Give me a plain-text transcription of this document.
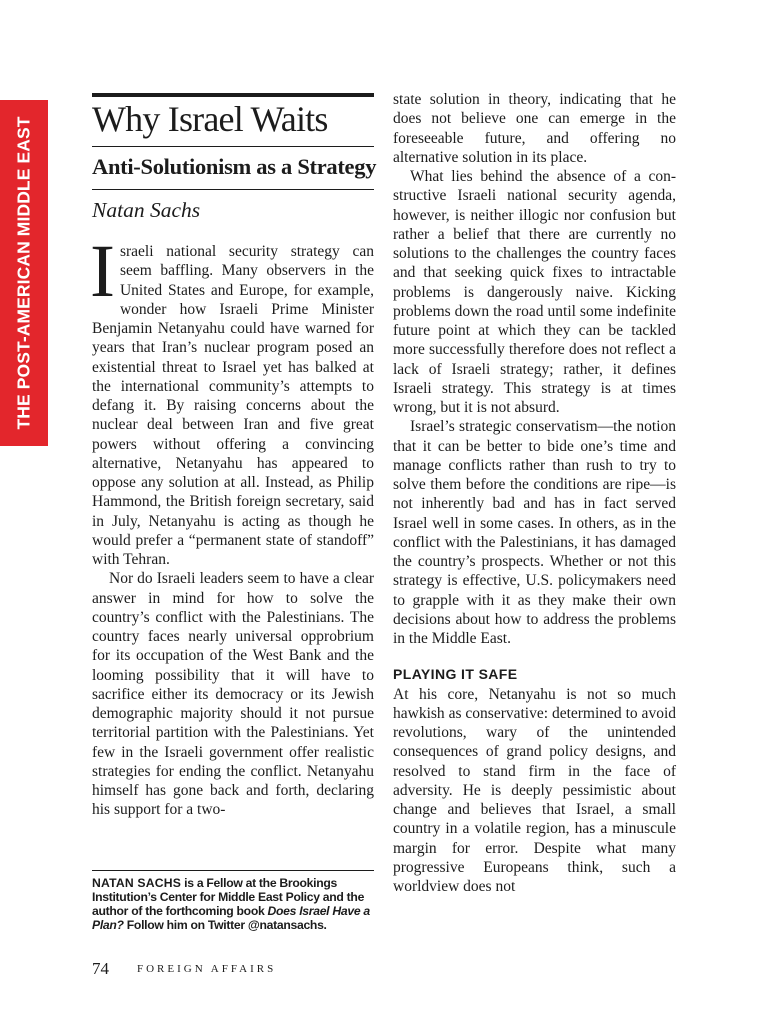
THE POST-AMERICAN MIDDLE EAST Why Israel Waits
Anti-Solutionism as a Strategy
Natan Sachs

Israeli national security strategy can seem baffling. Many observers in the United States and Europe, for example, wonder how Israeli Prime Minister Benjamin Netanyahu could have warned for years that Iran’s nuclear program posed an existential threat to Israel yet has balked at the international community’s attempts to defang it. By raising concerns about the nuclear deal between Iran and five great powers without offering a convincing alternative, Netanyahu has appeared to oppose any solution at all. Instead, as Philip Hammond, the British foreign secretary, said in July, Netanyahu is acting as though he would prefer a “permanent state of standoff” with Tehran.

Nor do Israeli leaders seem to have a clear answer in mind for how to solve the country’s conflict with the Palestinians. The country faces nearly universal opprobrium for its occupation of the West Bank and the looming possibility that it will have to sacrifice either its democracy or its Jewish demographic majority should it not pursue territorial partition with the Palestinians. Yet few in the Israeli government offer realistic strategies for ending the conflict. Netanyahu himself has gone back and forth, declaring his support for a two-

state solution in theory, indicating that he does not believe one can emerge in the foreseeable future, and offering no alternative solution in its place.

What lies behind the absence of a constructive Israeli national security agenda, however, is neither illogic nor confusion but rather a belief that there are currently no solutions to the challenges the country faces and that seeking quick fixes to intractable problems is dangerously naive. Kicking problems down the road until some indefinite future point at which they can be tackled more successfully therefore does not reflect a lack of Israeli strategy; rather, it defines Israeli strategy. This strategy is at times wrong, but it is not absurd.

Israel’s strategic conservatism—the notion that it can be better to bide one’s time and manage conflicts rather than rush to try to solve them before the conditions are ripe—is not inherently bad and has in fact served Israel well in some cases. In others, as in the conflict with the Palestinians, it has damaged the country’s prospects. Whether or not this strategy is effective, U.S. policymakers need to grapple with it as they make their own decisions about how to address the problems in the Middle East.

PLAYING IT SAFE

At his core, Netanyahu is not so much hawkish as conservative: determined to avoid revolutions, wary of the unintended consequences of grand policy designs, and resolved to stand firm in the face of adversity. He is deeply pessimistic about change and believes that Israel, a small country in a volatile region, has a minuscule margin for error. Despite what many progressive Europeans think, such a worldview does not

NATAN SACHS is a Fellow at the Brookings Institution’s Center for Middle East Policy and the author of the forthcoming book Does Israel Have a Plan? Follow him on Twitter @natansachs.

74	FOREIGN AFFAIRS
